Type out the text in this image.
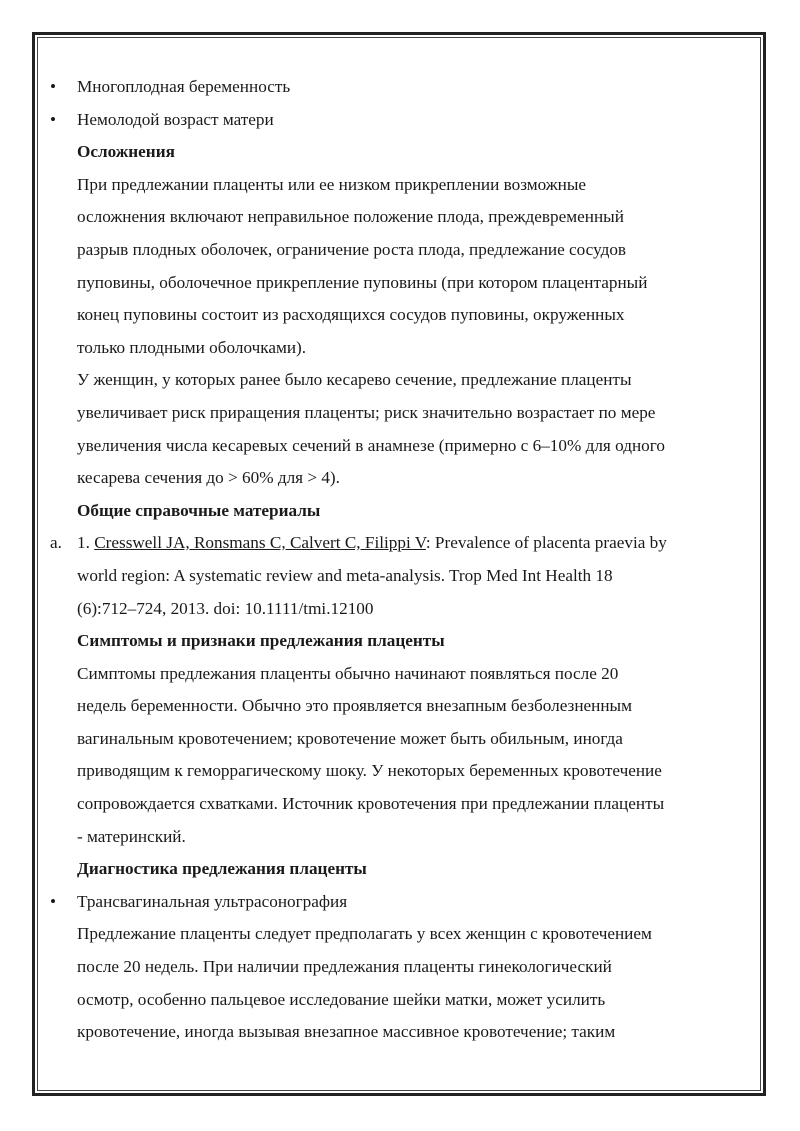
• Многоплодная беременность
• Немолодой возраст матери
Осложнения
При предлежании плаценты или ее низком прикреплении возможные
осложнения включают неправильное положение плода, преждевременный
разрыв плодных оболочек, ограничение роста плода, предлежание сосудов
пуповины, оболочечное прикрепление пуповины (при котором плацентарный
конец пуповины состоит из расходящихся сосудов пуповины, окруженных
только плодными оболочками).
У женщин, у которых ранее было кесарево сечение, предлежание плаценты
увеличивает риск приращения плаценты; риск значительно возрастает по мере
увеличения числа кесаревых сечений в анамнезе (примерно с 6–10% для одного
кесарева сечения до > 60% для > 4).
Общие справочные материалы
a. 1. Cresswell JA, Ronsmans C, Calvert C, Filippi V: Prevalence of placenta praevia by
world region: A systematic review and meta-analysis. Trop Med Int Health 18
(6):712–724, 2013. doi: 10.1111/tmi.12100
Симптомы и признаки предлежания плаценты
Симптомы предлежания плаценты обычно начинают появляться после 20
недель беременности. Обычно это проявляется внезапным безболезненным
вагинальным кровотечением; кровотечение может быть обильным, иногда
приводящим к геморрагическому шоку. У некоторых беременных кровотечение
сопровождается схватками. Источник кровотечения при предлежании плаценты
- материнский.
Диагностика предлежания плаценты
• Трансвагинальная ультрасонография
Предлежание плаценты следует предполагать у всех женщин с кровотечением
после 20 недель. При наличии предлежания плаценты гинекологический
осмотр, особенно пальцевое исследование шейки матки, может усилить
кровотечение, иногда вызывая внезапное массивное кровотечение; таким
